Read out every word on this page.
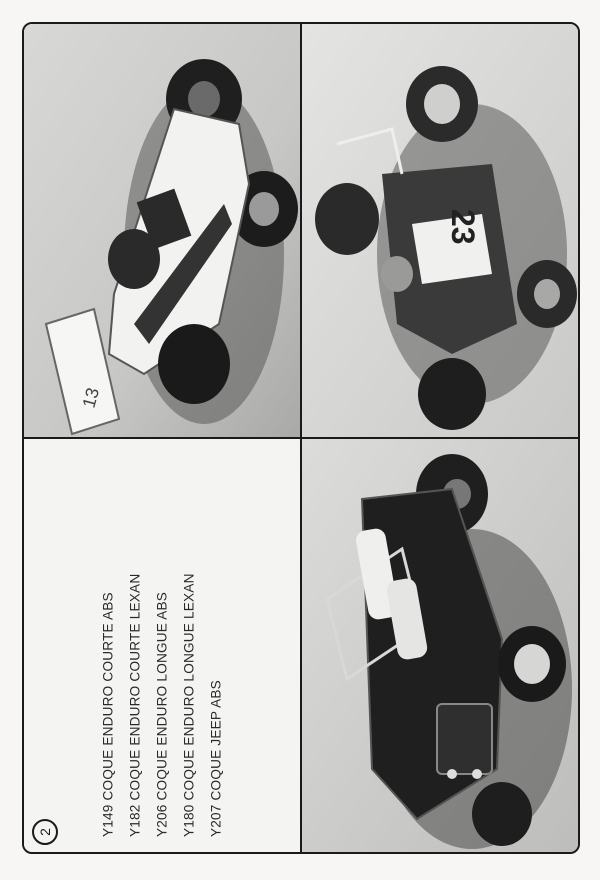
13
23
Y149 COQUE ENDURO COURTE ABS Y182 COQUE ENDURO COURTE LEXAN Y206 COQUE ENDURO LONGUE ABS Y180 COQUE ENDURO LONGUE LEXAN Y207 COQUE JEEP ABS
2
